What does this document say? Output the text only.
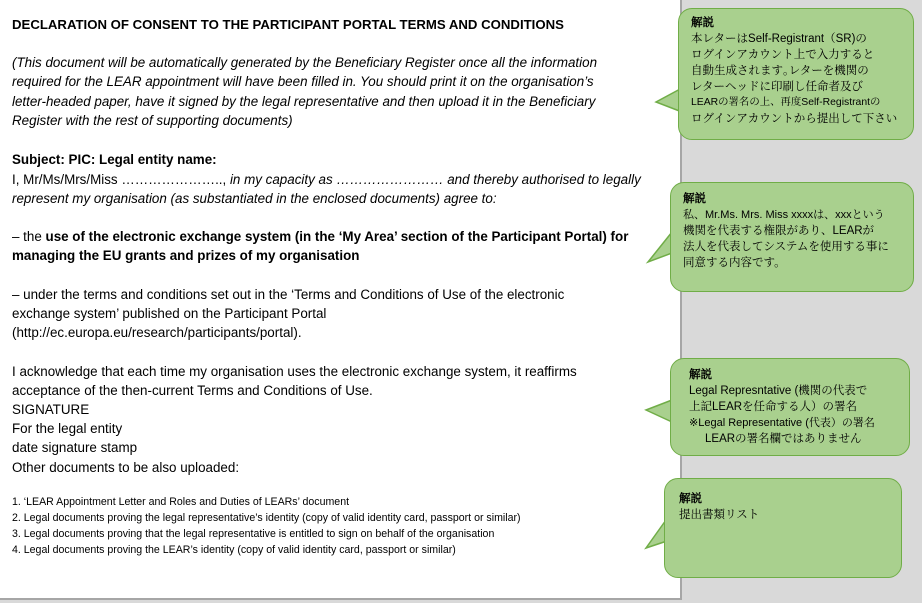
DECLARATION OF CONSENT TO THE PARTICIPANT PORTAL TERMS AND CONDITIONS
(This document will be automatically generated by the Beneficiary Register once all the information
required for the LEAR appointment will have been filled in. You should print it on the organisation’s
letter-headed paper, have it signed by the legal representative and then upload it in the Beneficiary
Register with the rest of supporting documents)
Subject: PIC: Legal entity name:
I, Mr/Ms/Mrs/Miss ………………….., in my capacity as …………………… and thereby authorised to legally
represent my organisation (as substantiated in the enclosed documents) agree to:
– the use of the electronic exchange system (in the ‘My Area’ section of the Participant Portal) for
managing the EU grants and prizes of my organisation
– under the terms and conditions set out in the ‘Terms and Conditions of Use of the electronic
exchange system’ published on the Participant Portal
(http://ec.europa.eu/research/participants/portal).
I acknowledge that each time my organisation uses the electronic exchange system, it reaffirms
acceptance of the then-current Terms and Conditions of Use.
SIGNATURE
For the legal entity
date signature stamp
Other documents to be also uploaded:
1. ‘LEAR Appointment Letter and Roles and Duties of LEARs’ document
2. Legal documents proving the legal representative’s identity (copy of valid identity card, passport or similar)
3. Legal documents proving that the legal representative is entitled to sign on behalf of the organisation
4. Legal documents proving the LEAR’s identity (copy of valid identity card, passport or similar)
解説
本レターはSelf-Registrant（SR)の
ログインアカウント上で入力すると
自動生成されます｡レターを機関の
レターヘッドに印刷し任命者及び
LEARの署名の上、再度Self-Registrantの
ログインアカウントから提出して下さい
解説
私、Mr.Ms. Mrs. Miss xxxxは、xxxという
機関を代表する権限があり、LEARが
法人を代表してシステムを使用する事に
同意する内容です。
解説
Legal Represntative (機関の代表で
上記LEARを任命する人）の署名
※Legal Representative (代表）の署名
LEARの署名欄ではありません
解説
提出書類リスト
